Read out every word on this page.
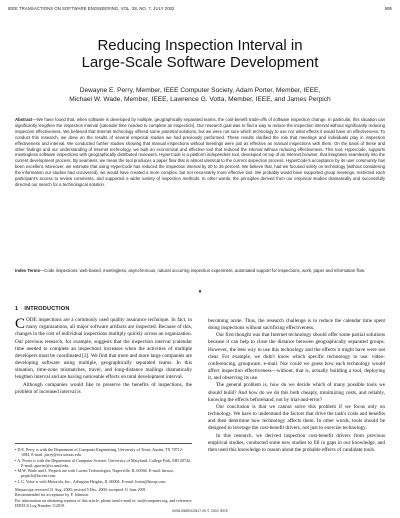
IEEE TRANSACTIONS ON SOFTWARE ENGINEERING, VOL. 28, NO. 7, JULY 2002	695
Reducing Inspection Interval in
Large-Scale Software Development
Dewayne E. Perry, Member, IEEE Computer Society, Adam Porter, Member, IEEE,
Michael W. Wade, Member, IEEE, Lawrence G. Votta, Member, IEEE, and James Perpich
Abstract—We have found that, when software is developed by multiple, geographically separated teams, the cost-benefit trade-offs of software inspection change. In particular, this situation can significantly lengthen the inspection interval (calendar time needed to complete an inspection). Our research goal was to find a way to reduce the inspection interval without significantly reducing inspection effectiveness. We believed that Internet technology offered some potential solutions, but we were not sure which technology to use nor what effects it would have on effectiveness. To conduct this research, we drew on the results of several empirical studies we had previously performed. These results clarified the role that meetings and individuals play in inspection effectiveness and interval. We conducted further studies showing that manual inspections without meetings were just as effective as manual inspections with them. On the basis of these and other findings and our understanding of Internet technology, we built an economical and effective tool that reduced the interval without reducing effectiveness. This tool, Hypercode, supports meetingless software inspections with geographically distributed reviewers. HyperCode is a platform independent tool, developed on top of an Internet browser, that integrates seamlessly into the current development process. By seamless, we mean the tool produces a paper flow that is almost identical to the current inspection process. HyperCode's acceptance by its user community has been excellent. Moreover, we estimate that using HyperCode has reduced the inspection interval by 20 to 25 percent. We believe that, had we focused solely on technology (without considering the information our studies had uncovered), we would have created a more complex, but not necessarily more effective tool. We probably would have supported group meetings, restricted each participant's access to review comments, and supported a wider variety of inspection methods. In other words, the principles derived from our empirical studies dramatically and successfully directed our search for a technological solution.
Index Terms—Code inspections: web-based, meetingless, asynchronous, natural occurring inspection experiment, automated support for inspections, work, paper and information flow.
♦
1 INTRODUCTION

CODE inspections are a commonly used quality assurance technique. In fact, in many organizations, all major software artifacts are inspected. Because of this, changes in the cost of individual inspections multiply quickly across an organization. Our previous research, for example, suggests that the inspection interval (calendar time needed to complete an inspection) increases when the activities of multiple developers must be coordinated [2]. We find that more and more large companies are developing software using multiple, geographically separated teams. In this situation, time-zone mismatches, travel, and long-distance mailings dramatically lengthen interval and are having noticeable effects on total development interval.

Although companies would like to preserve the benefits of inspections, the problem of increased interval is

becoming acute. Thus, the research challenge is to reduce the calendar time spent doing inspections without sacrificing effectiveness.

Our first thought was that Internet technology should offer some partial solutions because it can help to close the distance between geographically separated groups. However, the best way to use this technology and the effects it might have were not clear. For example, we didn't know which specific technology to use: video-conferencing, groupware, e-mail. Nor could we guess how each technology would affect inspection effectiveness—without, that is, actually building a tool, deploying it, and observing its use.

The general problem is, how do we decide which of many possible tools we should build? And how do we do this both cheaply, minimizing costs, and reliably, knowing the effects beforehand, not by trial-and-error?

Our conclusion is that we cannot solve this problem if we focus only on technology. We have to understand the factors that drive the task's costs and benefits and then determine how technology affects them. In other words, tools should be designed to leverage the cost-benefit drivers, not just to exercise technology.

In this research, we derived inspection cost-benefit drivers from previous empirical studies, conducted some new studies to fill in gaps in our knowledge, and then used this knowledge to reason about the probable effects of candidate tools.

• D.E. Perry is with the Department of Computer Engineering, University of Texas, Austin, TX 78712-1084. E-mail: perry@ece.utexas.edu.
• A. Porter is with the Department of Computer Science, University of Maryland, College Park, MD 20742. E-mail: aporter@cs.umd.edu.
• M.W. Wade and J. Perpich are with Lucent Technologies, Naperville, IL 60566. E-mail: lmwzz, perpich@lucent.com.
• L.G. Votta is with Motorola, Inc., Arlington Heights, IL 60004. E-mail: lvotta@bioxp.com.
Manuscript received 31 Aug. 2000; revised 5 Dec. 2000; accepted 11 June 2001.
Recommended for acceptance by P. Johnson.
For information on obtaining reprints of this article, please send e-mail to: tse@computer.org, and reference IEEECS Log Number 112819.
0098-5589/02/$17.00 © 2002 IEEE
